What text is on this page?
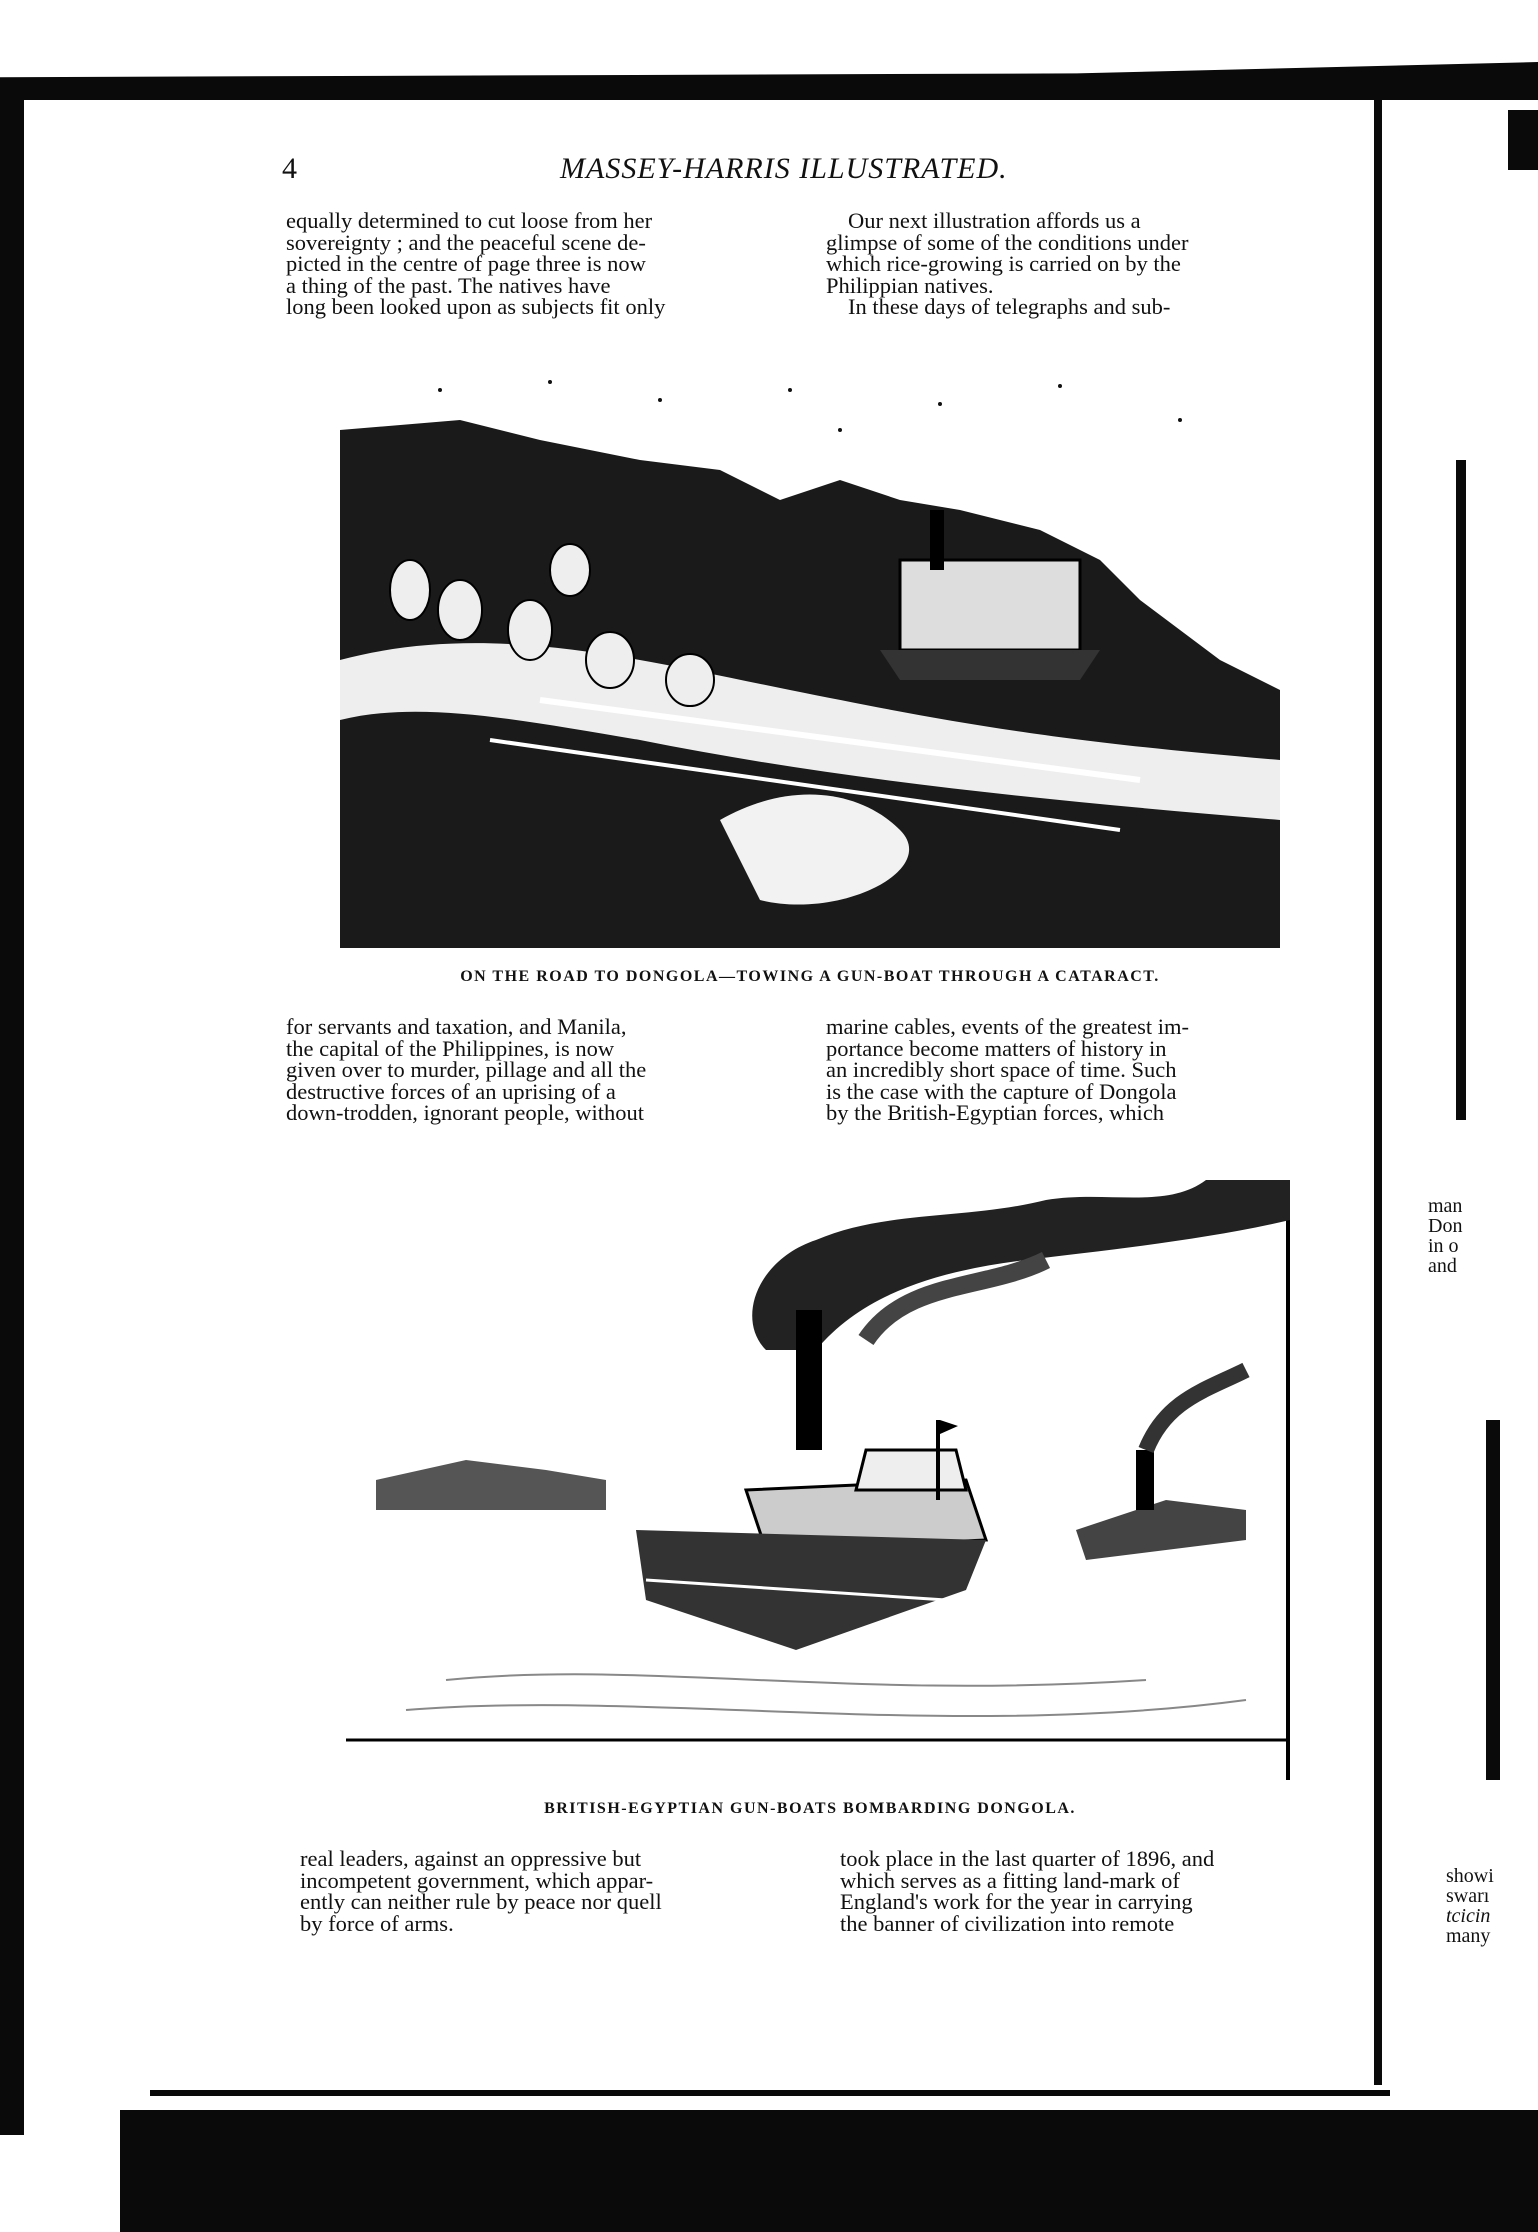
4	MASSEY-HARRIS ILLUSTRATED.

equally determined to cut loose from her

sovereignty ; and the peaceful scene de-

picted in the centre of page three is now

a thing of the past. The natives have

long been looked upon as subjects fit only

Our next illustration affords us a

glimpse of some of the conditions under

which rice-growing is carried on by the

Philippian natives.

In these days of telegraphs and sub-

ON THE ROAD TO DONGOLA—TOWING A GUN-BOAT THROUGH A CATARACT.

for servants and taxation, and Manila,

the capital of the Philippines, is now

given over to murder, pillage and all the

destructive forces of an uprising of a

down-trodden, ignorant people, without

marine cables, events of the greatest im-

portance become matters of history in

an incredibly short space of time. Such

is the case with the capture of Dongola

by the British-Egyptian forces, which

BRITISH-EGYPTIAN GUN-BOATS BOMBARDING DONGOLA.

real leaders, against an oppressive but

incompetent government, which appar-

ently can neither rule by peace nor quell

by force of arms.

took place in the last quarter of 1896, and

which serves as a fitting land-mark of

England's work for the year in carrying

the banner of civilization into remote

man
Don
in o
and
showi
swarı
tcicin
many
